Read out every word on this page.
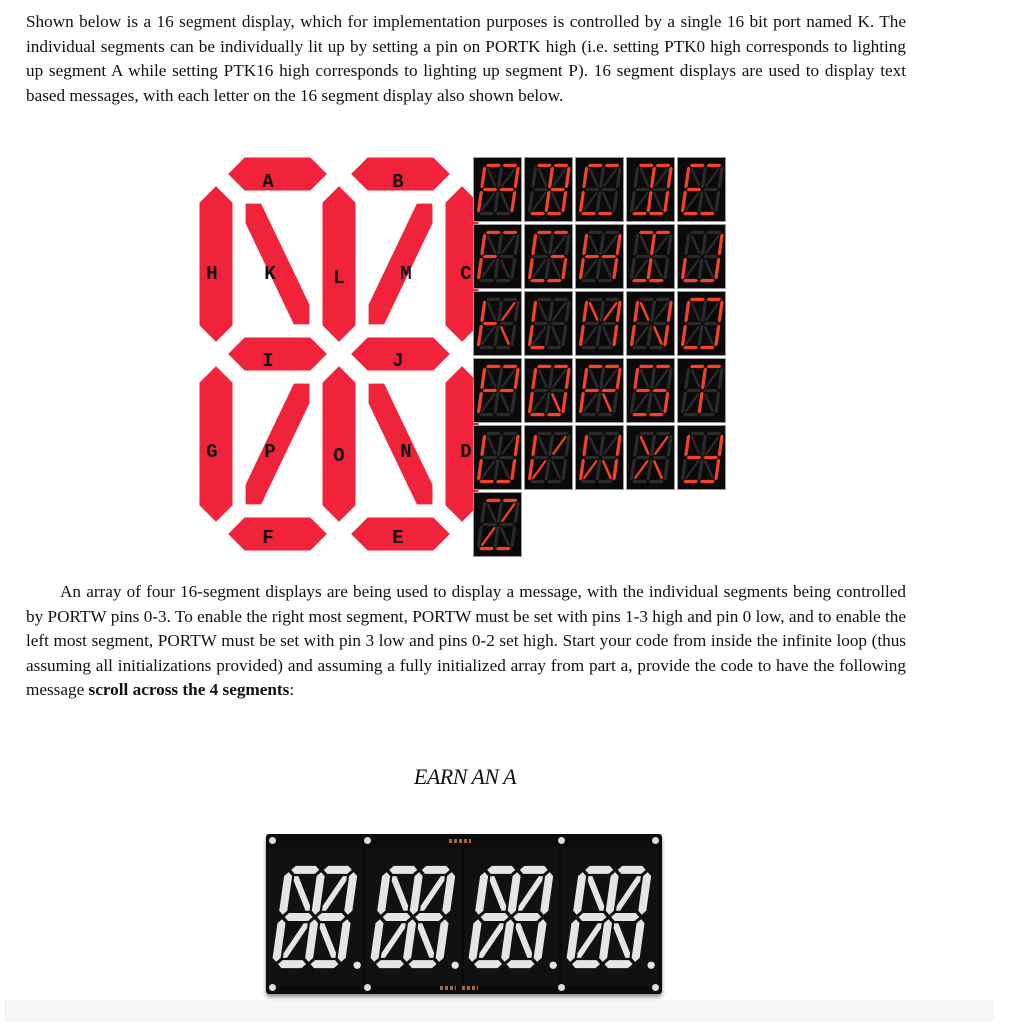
Shown below is a 16 segment display, which for implementation purposes is controlled by a single 16 bit port named K. The individual segments can be individually lit up by setting a pin on PORTK high (i.e. setting PTK0 high corresponds to lighting up segment A while setting PTK16 high corresponds to lighting up segment P). 16 segment displays are used to display text based messages, with each letter on the 16 segment display also shown below.

A	B
C
D
E
F
G
H
I	J
K	L	M
N
O
P

An array of four 16-segment displays are being used to display a message, with the individual segments being controlled by PORTW pins 0-3. To enable the right most segment, PORTW must be set with pins 1-3 high and pin 0 low, and to enable the left most segment, PORTW must be set with pin 3 low and pins 0-2 set high. Start your code from inside the infinite loop (thus assuming all initializations provided) and assuming a fully initialized array from part a, provide the code to have the following message scroll across the 4 segments:

EARN AN A
